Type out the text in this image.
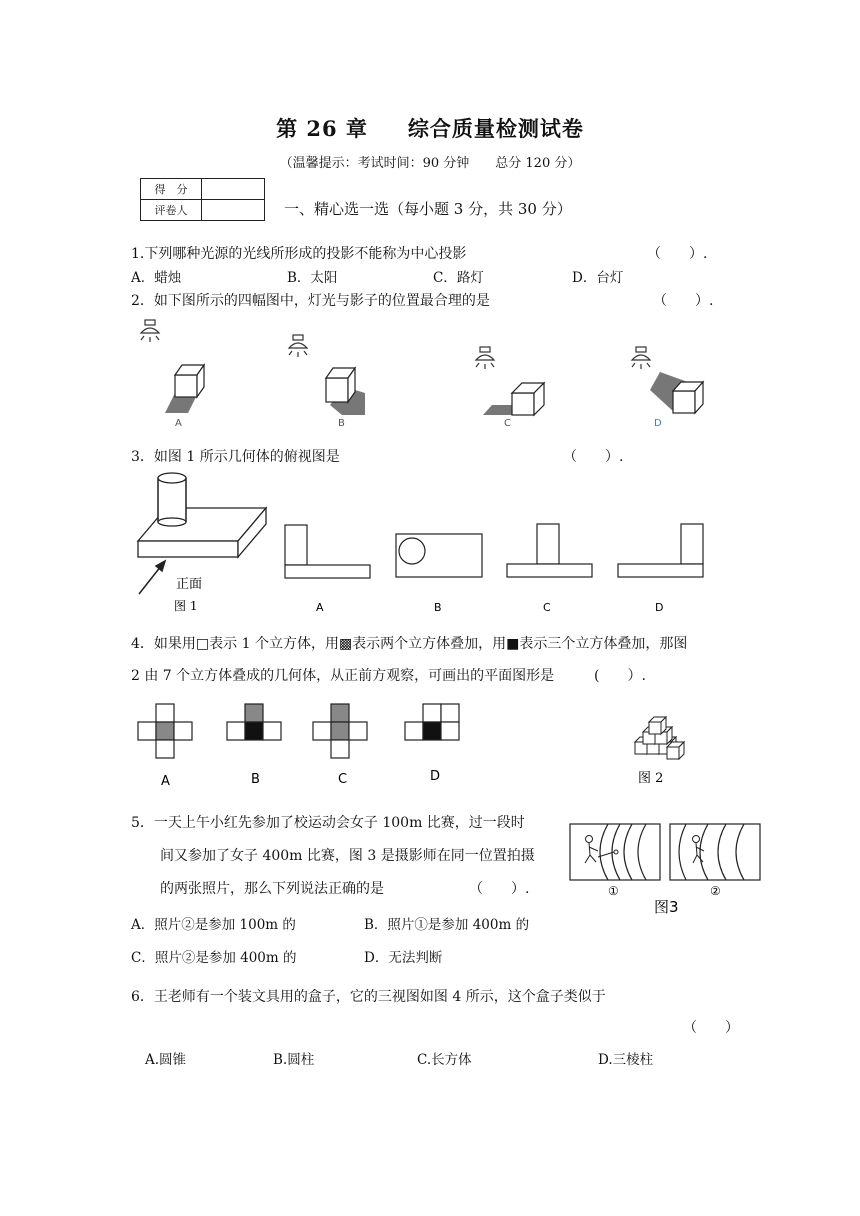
第 26 章 综合质量检测试卷
（温馨提示：考试时间：90 分钟　　总分 120 分）
得　分	
评卷人		一、精心选一选（每小题 3 分，共 30 分）
1.下列哪种光源的光线所形成的投影不能称为中心投影	（　　）.
A．蜡烛	B．太阳	C．路灯	D．台灯
2．如下图所示的四幅图中，灯光与影子的位置最合理的是	（　　）.
A	B	C	D
3．如图 1 所示几何体的俯视图是	（　　）.
正面
图 1	A	B	C	D
4．如果用□表示 1 个立方体，用▩表示两个立方体叠加，用■表示三个立方体叠加，那图
2 由 7 个立方体叠成的几何体，从正前方观察，可画出的平面图形是	(　　）.
A	B	C	D	图 2
5．一天上午小红先参加了校运动会女子 100m 比赛，过一段时
间又参加了女子 400m 比赛，图 3 是摄影师在同一位置拍摄
的两张照片，那么下列说法正确的是	（　　）.
A．照片②是参加 100m 的	B．照片①是参加 400m 的
C．照片②是参加 400m 的	D．无法判断
①	②
图3
6．王老师有一个装文具用的盒子，它的三视图如图 4 所示，这个盒子类似于
（　　）
A.圆锥	B.圆柱	C.长方体	D.三棱柱
